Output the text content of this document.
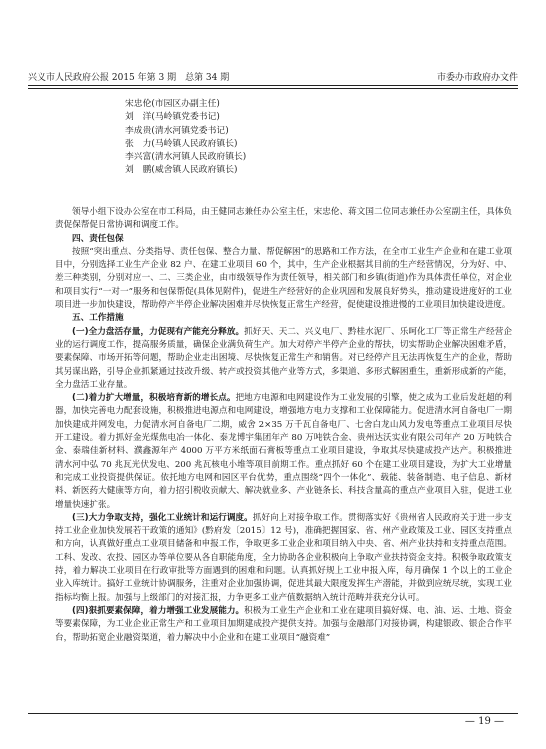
兴义市人民政府公报 2015 年第 3 期　总第 34 期	市委办市政府办文件
宋忠伦(市园区办副主任)
刘　洋(马岭镇党委书记)
李成贵(清水河镇党委书记)
张　力(马岭镇人民政府镇长)
李兴富(清水河镇人民政府镇长)
刘　鹏(威舍镇人民政府镇长)

领导小组下设办公室在市工科局，由王健同志兼任办公室主任，宋忠伦、蒋文国二位同志兼任办公室副主任，具体负责促保帮促日常协调和调度工作。

四、责任包保

按照“突出重点、分类指导、责任包保、整合力量、帮促解困”的思路和工作方法，在全市工业生产企业和在建工业项目中，分别选择工业生产企业 82 户、在建工业项目 60 个，其中，生产企业根据其目前的生产经营情况，分为好、中、差三种类别，分别对应一、二、三类企业，由市级领导作为责任领导，相关部门和乡镇(街道)作为具体责任单位，对企业和项目实行“一对一”服务和包保帮促(具体见附件)，促进生产经营好的企业巩固和发展良好势头，推动建设进度好的工业项目进一步加快建设，帮助停产半停企业解决困难并尽快恢复正常生产经营，促使建设推进慢的工业项目加快建设进度。

五、工作措施

(一)全力盘活存量，力促现有产能充分释放。抓好天、天二、兴义电厂、黔桂水泥厂、乐呵化工厂等正常生产经营企业的运行调度工作，提高服务质量，确保企业满负荷生产。加大对停产半停产企业的帮扶，切实帮助企业解决困难矛盾，要素保障、市场开拓等问题，帮助企业走出困境、尽快恢复正常生产和销售。对已经停产且无法再恢复生产的企业，帮助其另谋出路，引导企业抓紧通过技改升级、转产或投资其他产业等方式，多渠道、多形式解困重生，重新形成新的产能，全力盘活工业存量。

(二)着力扩大增量，积极培育新的增长点。把地方电源和电网建设作为工业发展的引擎，使之成为工业后发赶超的利器，加快完善电力配套设施，积极推进电源点和电网建设，增强地方电力支撑和工业保障能力。促进清水河自备电厂一期加快建成并网发电，力促清水河自备电厂二期，威舍 2×35 万千瓦自备电厂、七舍白龙山风力发电等重点工业项目尽快开工建设。着力抓好金光煤焦电冶一体化、泰龙博宇集团年产 80 万吨铁合金、贵州达沃实业有限公司年产 20 万吨铁合金、泰瑞佳新材料、濮鑫源年产 4000 万平方米纸面石膏板等重点工业项目建设，争取其尽快建成投产达产。积极推进清水河中弘 70 兆瓦光伏发电、200 兆瓦核电小堆等项目前期工作。重点抓好 60 个在建工业项目建设，为扩大工业增量和完成工业投资提供保证。依托地方电网和园区平台优势，重点围绕“四个一体化”、载能、装备制造、电子信息、新材料、新医药大健康等方向，着力招引税收贡献大、解决就业多、产业链条长、科技含量高的重点产业项目入驻，促进工业增量快速扩张。

(三)大力争取支持，强化工业统计和运行调度。抓好向上对接争取工作。贯彻落实好《贵州省人民政府关于进一步支持工业企业加快发展若干政策的通知》(黔府发〔2015〕12 号)，准确把握国家、省、州产业政策及工业、园区支持重点和方向，认真做好重点工业项目储备和申报工作，争取更多工业企业和项目纳入中央、省、州产业扶持和支持重点范围。工科、发改、农投、园区办等单位要从各自职能角度，全力协助各企业积极向上争取产业扶持资金支持。积极争取政策支持，着力解决工业项目在行政审批等方面遇到的困难和问题。认真抓好规上工业申报入库，每月确保 1 个以上的工业企业入库统计。搞好工业统计协调服务，注重对企业加强协调，促进其最大限度发挥生产潜能，并做到应统尽统，实现工业指标均衡上报。加强与上级部门的对接汇报，力争更多工业产值数据纳入统计范畴并获充分认可。

(四)狠抓要素保障，着力增强工业发展能力。积极为工业生产企业和工业在建项目搞好煤、电、油、运、土地、资金等要素保障，为工业企业正常生产和工业项目加期建成投产提供支持。加强与金融部门对接协调，构建银政、银企合作平台，帮助拓宽企业融资渠道，着力解决中小企业和在建工业项目“融资难”

— 19 —
